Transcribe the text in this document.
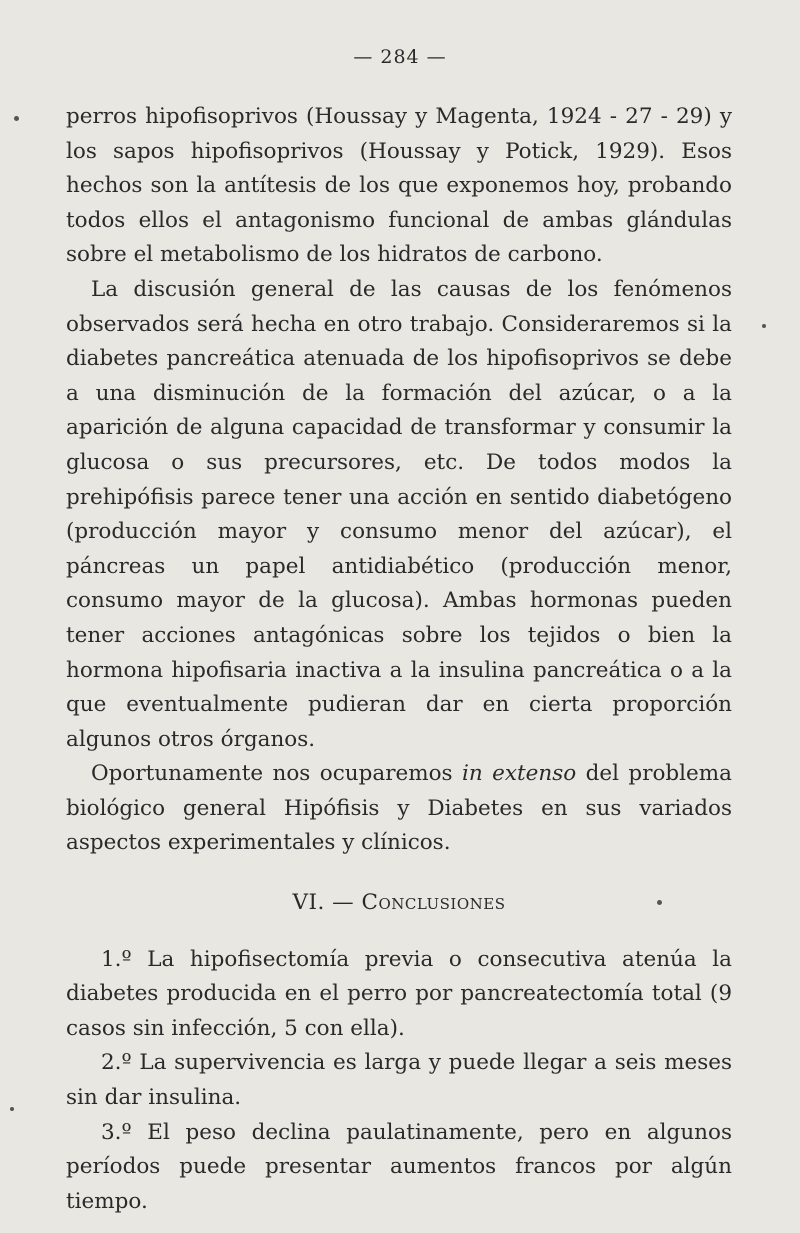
— 284 —

perros hipofisoprivos (Houssay y Magenta, 1924 - 27 - 29) y los sapos hipofisoprivos (Houssay y Potick, 1929). Esos hechos son la antítesis de los que exponemos hoy, probando todos ellos el antagonismo funcional de ambas glándulas sobre el metabolismo de los hidratos de carbono.

La discusión general de las causas de los fenómenos observados será hecha en otro trabajo. Consideraremos si la diabetes pancreática atenuada de los hipofisoprivos se debe a una disminución de la formación del azúcar, o a la aparición de alguna capacidad de transformar y consumir la glucosa o sus precursores, etc. De todos modos la prehipófisis parece tener una acción en sentido diabetógeno (producción mayor y consumo menor del azúcar), el páncreas un papel antidiabético (producción menor, consumo mayor de la glucosa). Ambas hormonas pueden tener acciones antagónicas sobre los tejidos o bien la hormona hipofisaria inactiva a la insulina pancreática o a la que eventualmente pudieran dar en cierta proporción algunos otros órganos.

Oportunamente nos ocuparemos in extenso del problema biológico general Hipófisis y Diabetes en sus variados aspectos experimentales y clínicos.

VI. — Conclusiones

1.º La hipofisectomía previa o consecutiva atenúa la diabetes producida en el perro por pancreatectomía total (9 casos sin infección, 5 con ella).

2.º La supervivencia es larga y puede llegar a seis meses sin dar insulina.

3.º El peso declina paulatinamente, pero en algunos períodos puede presentar aumentos francos por algún tiempo.
